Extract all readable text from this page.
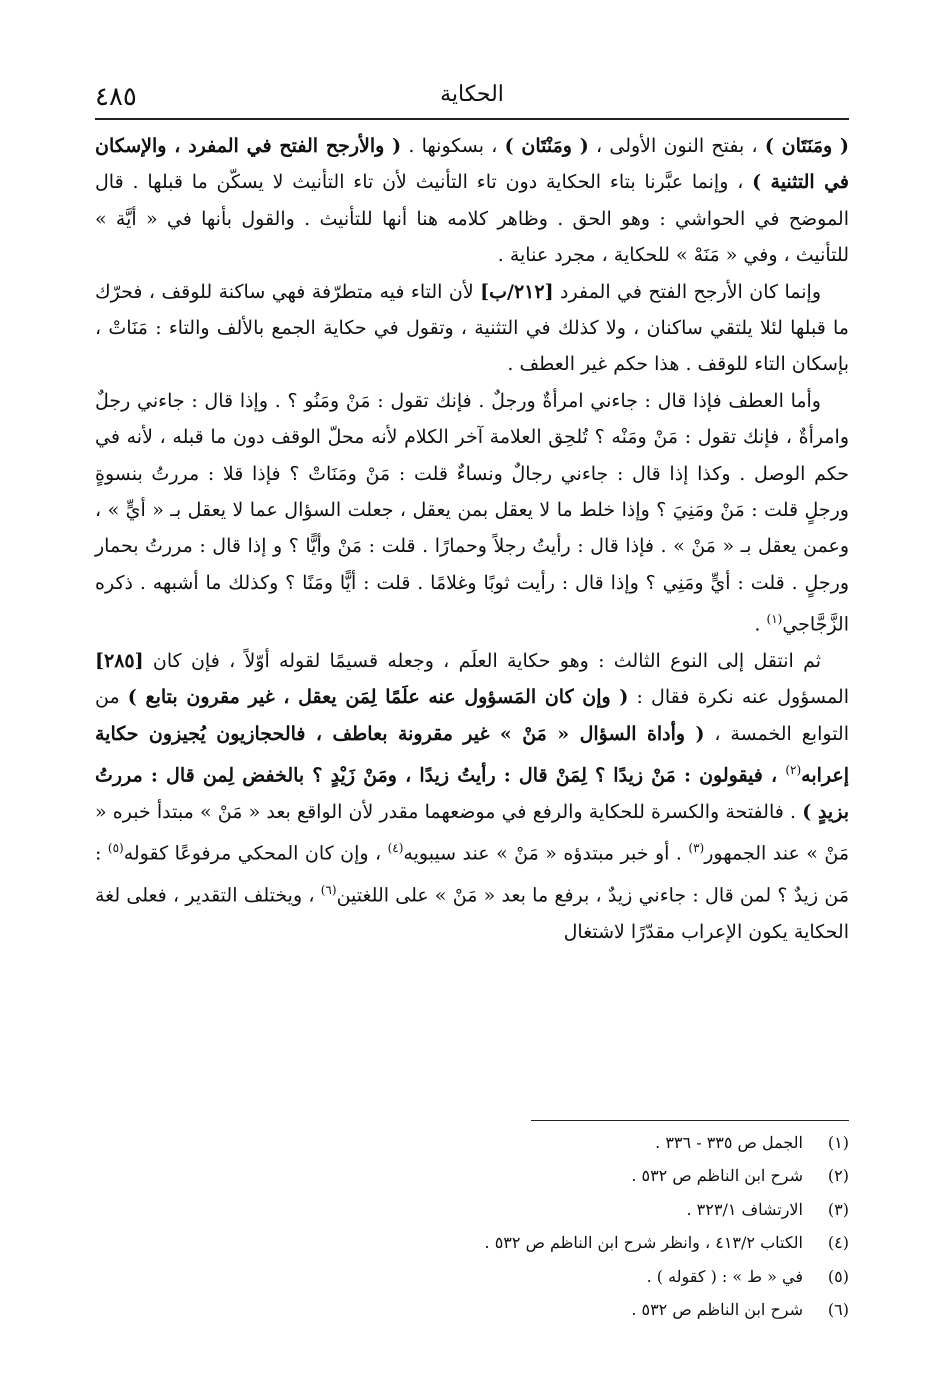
الحكاية
٤٨٥

( ومَنَتَان ) ، بفتح النون الأولى ، ( ومَنْتَان ) ، بسكونها . ( والأرجح الفتح في المفرد ، والإسكان في التثنية ) ، وإنما عبَّرنا بتاء الحكاية دون تاء التأنيث لأن تاء التأنيث لا يسكّن ما قبلها . قال الموضح في الحواشي : وهو الحق . وظاهر كلامه هنا أنها للتأنيث . والقول بأنها في « أيَّة » للتأنيث ، وفي « مَنَهْ » للحكاية ، مجرد عناية .

وإنما كان الأرجح الفتح في المفرد [٢١٢/ب] لأن التاء فيه متطرّفة فهي ساكنة للوقف ، فحرّك ما قبلها لئلا يلتقي ساكنان ، ولا كذلك في التثنية ، وتقول في حكاية الجمع بالألف والتاء : مَنَاتْ ، بإسكان التاء للوقف . هذا حكم غير العطف .

وأما العطف فإذا قال : جاءني امرأةٌ ورجلٌ . فإنك تقول : مَنْ ومَنُو ؟ . وإذا قال : جاءني رجلٌ وامرأةٌ ، فإنك تقول : مَنْ ومَنْه ؟ تُلحِق العلامة آخر الكلام لأنه محلّ الوقف دون ما قبله ، لأنه في حكم الوصل . وكذا إذا قال : جاءني رجالٌ ونساءٌ قلت : مَنْ ومَنَاتْ ؟ فإذا قلا : مررتُ بنسوةٍ ورجلٍ قلت : مَنْ ومَنِيَ ؟ وإذا خلط ما لا يعقل بمن يعقل ، جعلت السؤال عما لا يعقل بـ « أيٍّ » ، وعمن يعقل بـ « مَنْ » . فإذا قال : رأيتُ رجلاً وحمارًا . قلت : مَنْ وأيًّا ؟ و إذا قال : مررتُ بحمار ورجلٍ . قلت : أيٍّ ومَنِي ؟ وإذا قال : رأيت ثوبًا وغلامًا . قلت : أيًّا ومَنًا ؟ وكذلك ما أشبهه . ذكره الزَّجَّاجي$^{(١)}$ .

ثم انتقل إلى النوع الثالث : وهو حكاية العلَم ، وجعله قسيمًا لقوله أوّلاً ، فإن كان [٢٨٥] المسؤول عنه نكرة فقال : ( وإن كان المَسؤول عنه علَمًا لِمَن يعقل ، غير مقرون بتابع ) من التوابع الخمسة ، ( وأداة السؤال « مَنْ » غير مقرونة بعاطف ، فالحجازيون يُجيزون حكاية إعرابه$^{(٢)}$ ، فيقولون : مَنْ زيدًا ؟ لِمَنْ قال : رأيتُ زيدًا ، ومَنْ زَيْدٍ ؟ بالخفض لِمن قال : مررتُ بزيدٍ ) . فالفتحة والكسرة للحكاية والرفع في موضعهما مقدر لأن الواقع بعد « مَنْ » مبتدأ خبره « مَنْ » عند الجمهور$^{(٣)}$ . أو خبر مبتدؤه « مَنْ » عند سيبويه$^{(٤)}$ ، وإن كان المحكي مرفوعًا كقوله$^{(٥)}$ : مَن زيدٌ ؟ لمن قال : جاءني زيدٌ ، برفع ما بعد « مَنْ » على اللغتين$^{(٦)}$ ، ويختلف التقدير ، فعلى لغة الحكاية يكون الإعراب مقدّرًا لاشتغال

(١)
الجمل ص ٣٣٥ - ٣٣٦ .
(٢)
شرح ابن الناظم ص ٥٣٢ .
(٣)
الارتشاف ٣٢٣/١ .
(٤)
الكتاب ٤١٣/٢ ، وانظر شرح ابن الناظم ص ٥٣٢ .
(٥)
في « ط » : ( كقوله ) .
(٦)
شرح ابن الناظم ص ٥٣٢ .
